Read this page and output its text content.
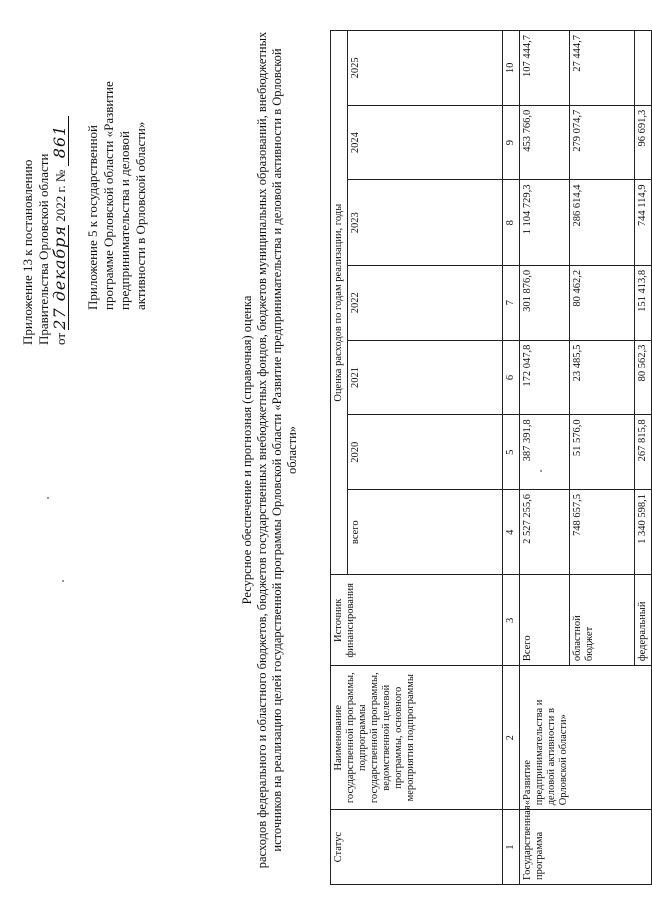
Приложение 13 к постановлению Правительства Орловской области от 27 декабря 2022 г. № 861 Приложение 5 к государственной программе Орловской области «Развитие предпринимательства и деловой активности в Орловской области»
Ресурсное обеспечение и прогнозная (справочная) оценка расходов федерального и областного бюджетов, бюджетов государственных внебюджетных фондов, бюджетов муниципальных образований, внебюджетных источников на реализацию целей государственной программы Орловской области «Развитие предпринимательства и деловой активности в Орловской области»
Статус	Наименование государственной программы, подпрограммы государственной программы, ведомственной целевой программы, основного мероприятия подпрограммы	Источник финансирования	Оценка расходов по годам реализации, годы						
			всего	2020	2021	2022	2023	2024	2025
1	2	3	4	5	6	7	8	9	10
Государственная программа	«Развитие предпринимательства и деловой активности в Орловской области»	Всего	2 527 255,6	387 391,8	172 047,8	301 876,0	1 104 729,3	453 766,0	107 444,7
		областной бюджет	748 657,5	51 576,0	23 485,5	80 462,2	286 614,4	279 074,7	27 444,7
		федеральный	1 340 598,1	267 815,8	80 562,3	151 413,8	744 114,9	96 691,3	
